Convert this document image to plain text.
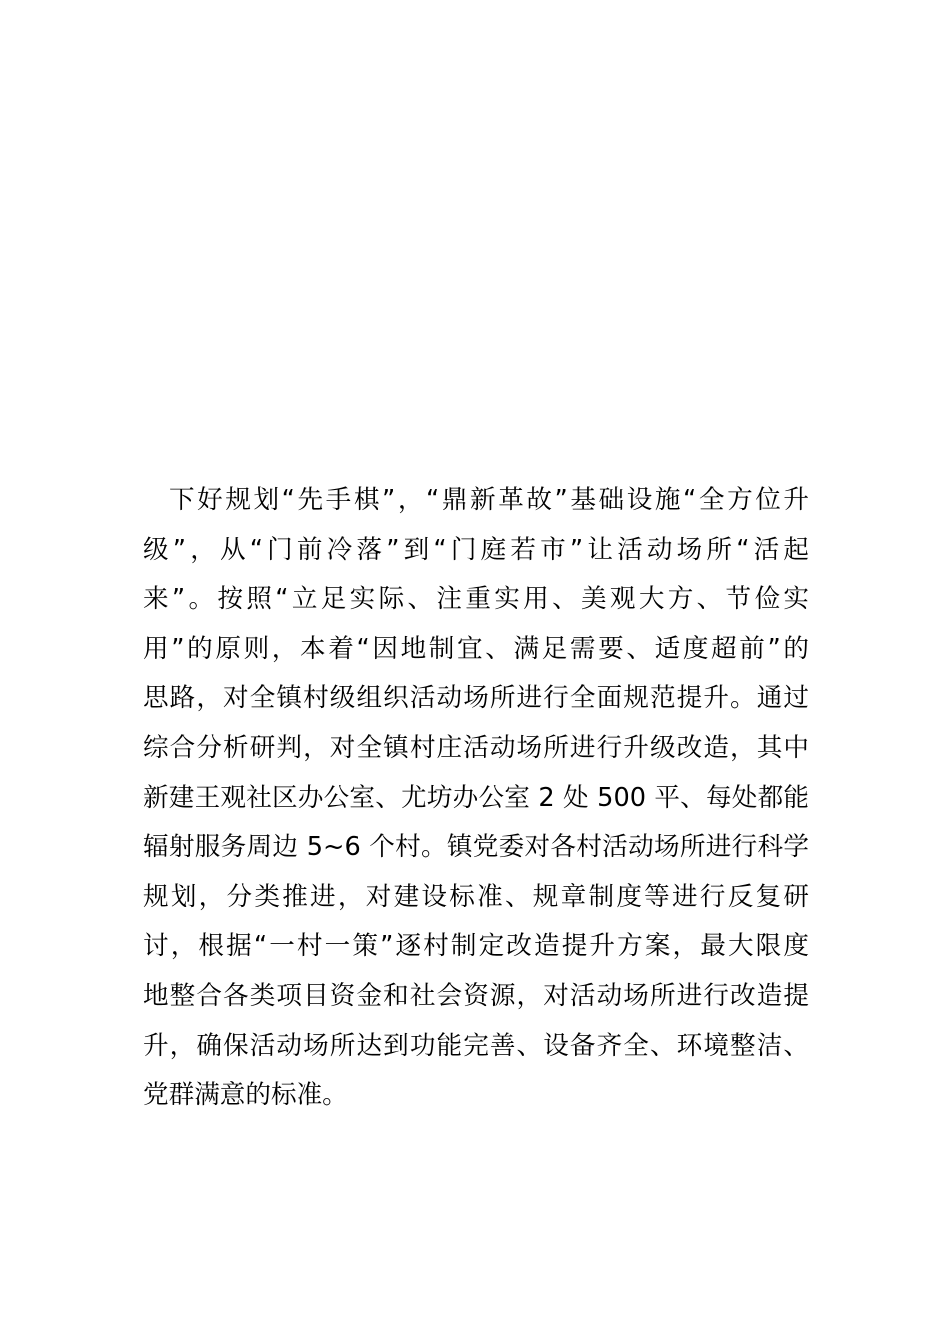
下好规划“先手棋”，“鼎新革故”基础设施“全方位升
级”，从“门前冷落”到“门庭若市”让活动场所“活起
来”。按照“立足实际、注重实用、美观大方、节俭实
用”的原则，本着“因地制宜、满足需要、适度超前”的
思路，对全镇村级组织活动场所进行全面规范提升。通过
综合分析研判，对全镇村庄活动场所进行升级改造，其中
新建王观社区办公室、尤坊办公室 2 处 500 平、每处都能
辐射服务周边 5~6 个村。镇党委对各村活动场所进行科学
规划，分类推进，对建设标准、规章制度等进行反复研
讨，根据“一村一策”逐村制定改造提升方案，最大限度
地整合各类项目资金和社会资源，对活动场所进行改造提
升，确保活动场所达到功能完善、设备齐全、环境整洁、
党群满意的标准。
